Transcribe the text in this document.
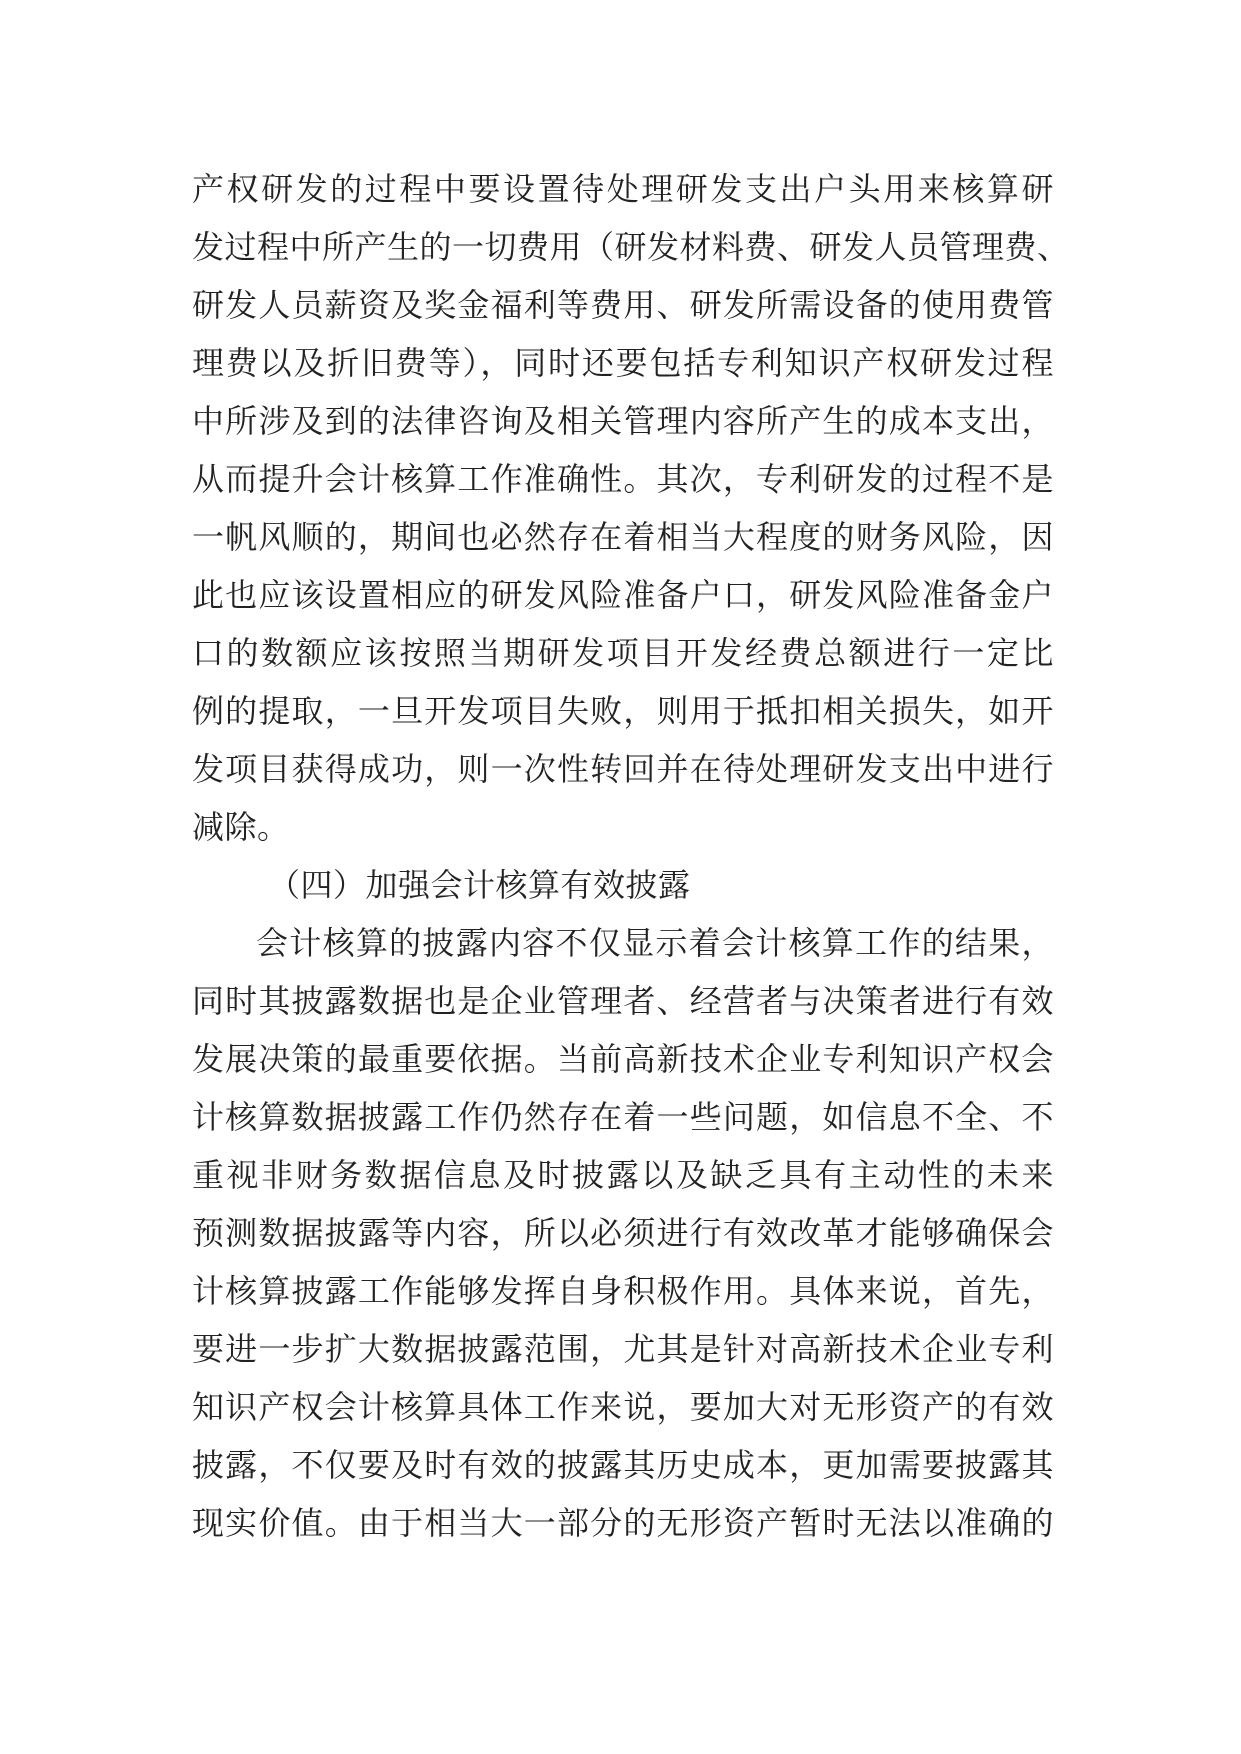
产权研发的过程中要设置待处理研发支出户头用来核算研
发过程中所产生的一切费用（研发材料费、研发人员管理费、
研发人员薪资及奖金福利等费用、研发所需设备的使用费管
理费以及折旧费等），同时还要包括专利知识产权研发过程
中所涉及到的法律咨询及相关管理内容所产生的成本支出，
从而提升会计核算工作准确性。其次，专利研发的过程不是
一帆风顺的，期间也必然存在着相当大程度的财务风险，因
此也应该设置相应的研发风险准备户口，研发风险准备金户
口的数额应该按照当期研发项目开发经费总额进行一定比
例的提取，一旦开发项目失败，则用于抵扣相关损失，如开
发项目获得成功，则一次性转回并在待处理研发支出中进行
减除。
（四）加强会计核算有效披露
会计核算的披露内容不仅显示着会计核算工作的结果，
同时其披露数据也是企业管理者、经营者与决策者进行有效
发展决策的最重要依据。当前高新技术企业专利知识产权会
计核算数据披露工作仍然存在着一些问题，如信息不全、不
重视非财务数据信息及时披露以及缺乏具有主动性的未来
预测数据披露等内容，所以必须进行有效改革才能够确保会
计核算披露工作能够发挥自身积极作用。具体来说，首先，
要进一步扩大数据披露范围，尤其是针对高新技术企业专利
知识产权会计核算具体工作来说，要加大对无形资产的有效
披露，不仅要及时有效的披露其历史成本，更加需要披露其
现实价值。由于相当大一部分的无形资产暂时无法以准确的
